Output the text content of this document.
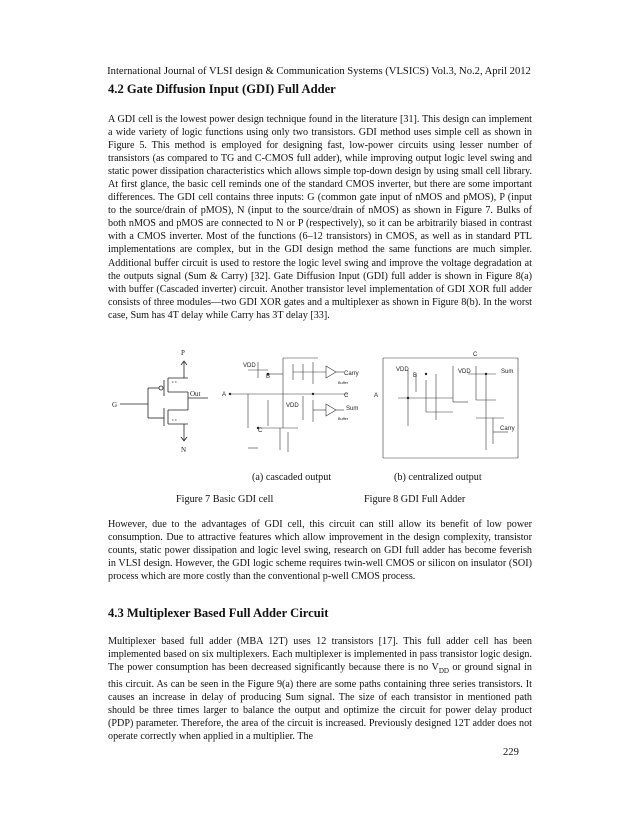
International Journal of VLSI design & Communication Systems (VLSICS) Vol.3, No.2, April 2012
4.2 Gate Diffusion Input (GDI) Full Adder

A GDI cell is the lowest power design technique found in the literature [31]. This design can implement a wide variety of logic functions using only two transistors. GDI method uses simple cell as shown in Figure 5. This method is employed for designing fast, low-power circuits using lesser number of transistors (as compared to TG and C-CMOS full adder), while improving output logic level swing and static power dissipation characteristics which allows simple top-down design by using small cell library. At first glance, the basic cell reminds one of the standard CMOS inverter, but there are some important differences. The GDI cell contains three inputs: G (common gate input of nMOS and pMOS), P (input to the source/drain of pMOS), N (input to the source/drain of nMOS) as shown in Figure 7. Bulks of both nMOS and pMOS are connected to N or P (respectively), so it can be arbitrarily biased in contrast with a CMOS inverter. Most of the functions (6–12 transistors) in CMOS, as well as in standard PTL implementations are complex, but in the GDI design method the same functions are much simpler. Additional buffer circuit is used to restore the logic level swing and improve the voltage degradation at the outputs signal (Sum & Carry) [32]. Gate Diffusion Input (GDI) full adder is shown in Figure 8(a) with buffer (Cascaded inverter) circuit. Another transistor level implementation of GDI XOR full adder consists of three modules—two GDI XOR gates and a multiplexer as shown in Figure 8(b). In the worst case, Sum has 4T delay while Carry has 3T delay [33].

P
G
Out
N
VDD
B	Carry
Buffer
A	C
VDD	Sum
Buffer
C
C
VDD
B
VDD	Sum
A
Carry
(a) cascaded output	(b) centralized output
Figure 7 Basic GDI cell	Figure 8 GDI Full Adder

However, due to the advantages of GDI cell, this circuit can still allow its benefit of low power consumption. Due to attractive features which allow improvement in the design complexity, transistor counts, static power dissipation and logic level swing, research on GDI full adder has become feverish in VLSI design. However, the GDI logic scheme requires twin-well CMOS or silicon on insulator (SOI) process which are more costly than the conventional p-well CMOS process.

4.3 Multiplexer Based Full Adder Circuit

Multiplexer based full adder (MBA 12T) uses 12 transistors [17]. This full adder cell has been implemented based on six multiplexers. Each multiplexer is implemented in pass transistor logic design. The power consumption has been decreased significantly because there is no $V_{DD}$ or ground signal in this circuit. As can be seen in the Figure 9(a) there are some paths containing three series transistors. It causes an increase in delay of producing Sum signal. The size of each transistor in mentioned path should be three times larger to balance the output and optimize the circuit for power delay product (PDP) parameter. Therefore, the area of the circuit is increased. Previously designed 12T adder does not operate correctly when applied in a multiplier. The

229
